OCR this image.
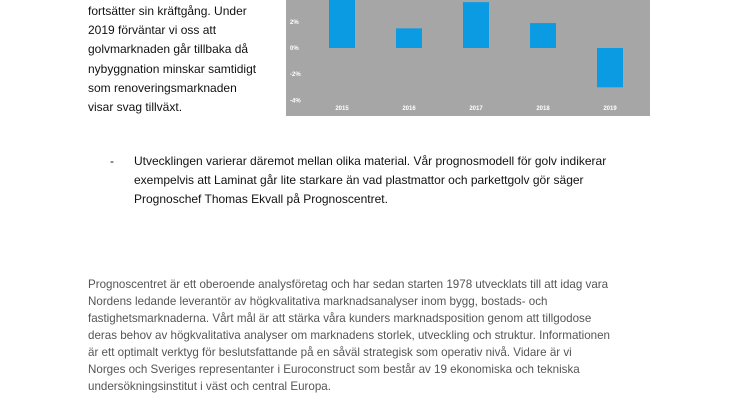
fortsätter sin kräftgång. Under
2019 förväntar vi oss att
golvmarknaden går tillbaka då
nybyggnation minskar samtidigt
som renoveringsmarknaden
visar svag tillväxt.	-4%
-2%
0%
2%
2015	2016	2017	2018	2019
- Utvecklingen varierar däremot mellan olika material. Vår prognosmodell för golv indikerar
exempelvis att Laminat går lite starkare än vad plastmattor och parkettgolv gör säger
Prognoschef Thomas Ekvall på Prognoscentret.
Prognoscentret är ett oberoende analysföretag och har sedan starten 1978 utvecklats till att idag vara
Nordens ledande leverantör av högkvalitativa marknadsanalyser inom bygg, bostads- och
fastighetsmarknaderna. Vårt mål är att stärka våra kunders marknadsposition genom att tillgodose
deras behov av högkvalitativa analyser om marknadens storlek, utveckling och struktur. Informationen
är ett optimalt verktyg för beslutsfattande på en såväl strategisk som operativ nivå. Vidare är vi
Norges och Sveriges representanter i Euroconstruct som består av 19 ekonomiska och tekniska
undersökningsinstitut i väst och central Europa.
